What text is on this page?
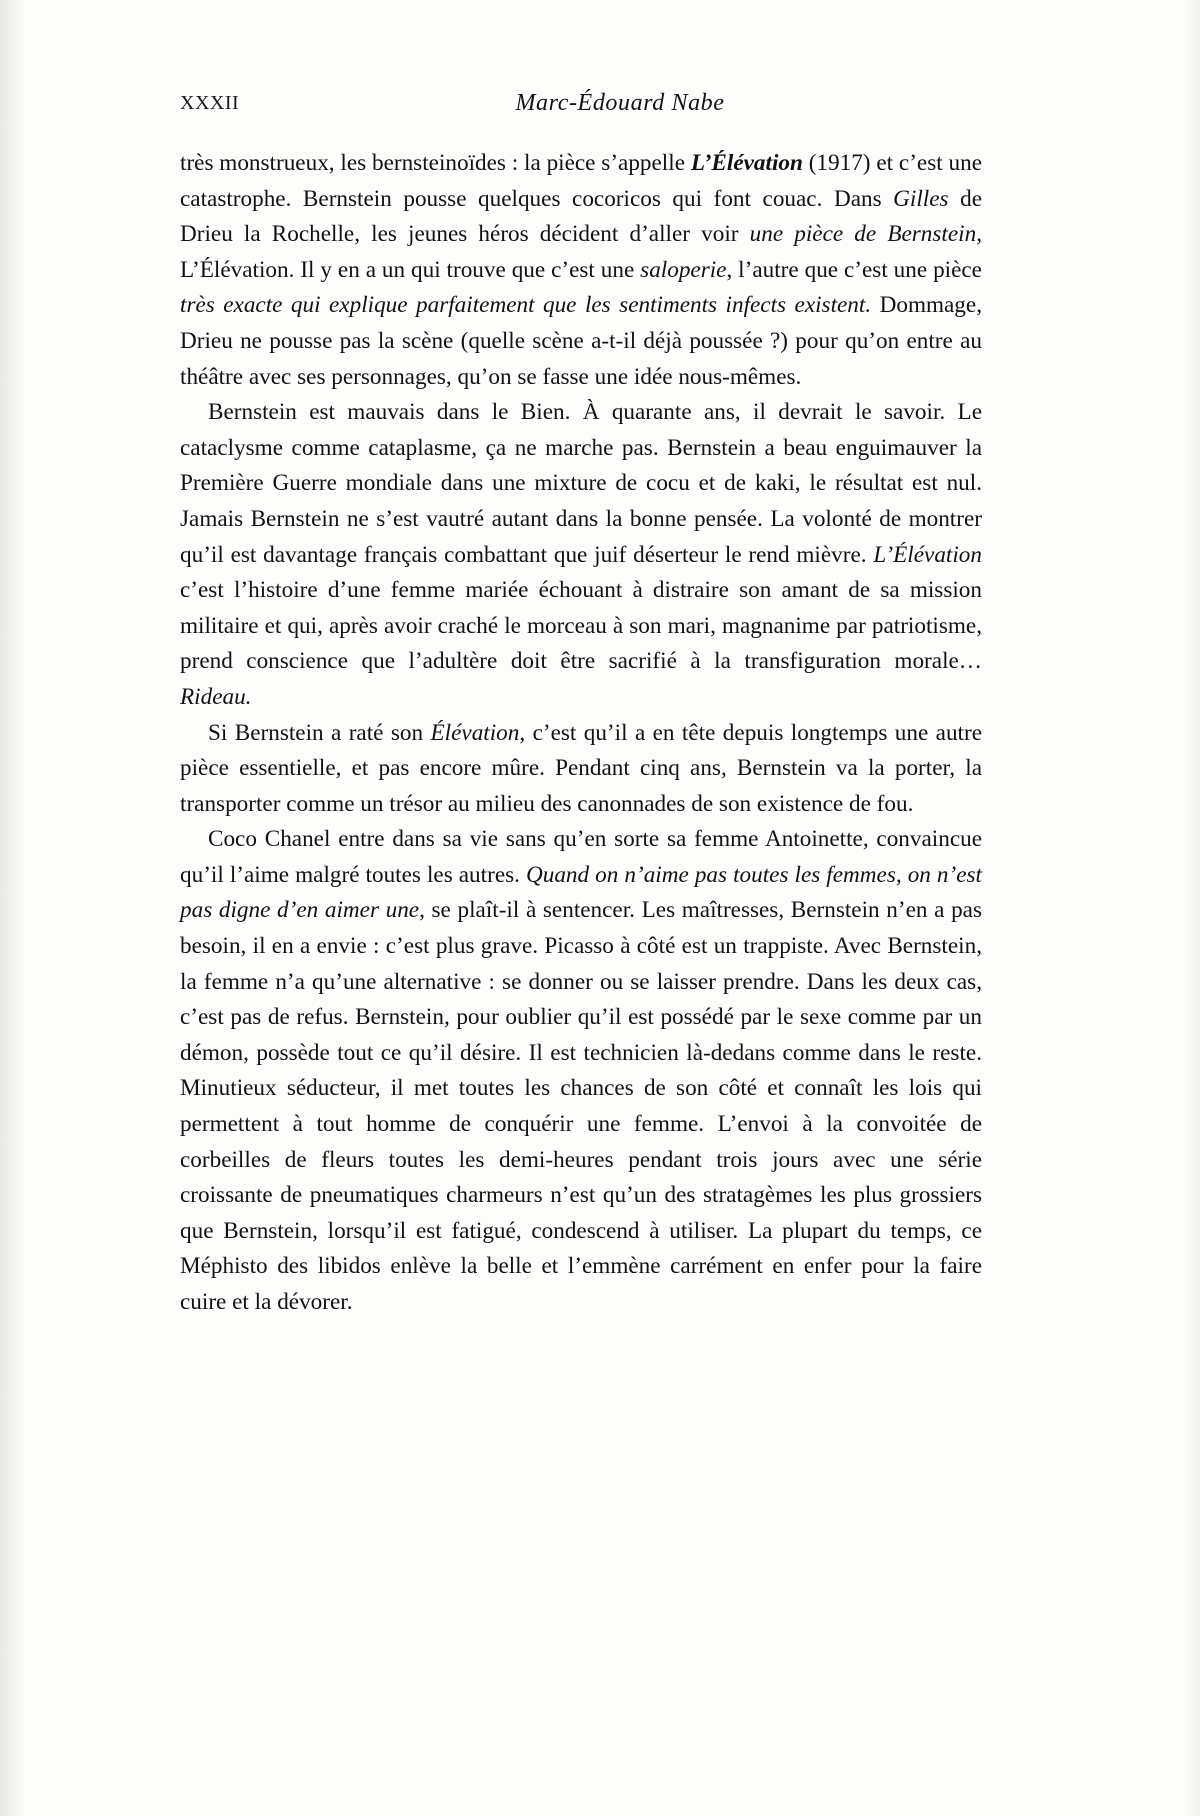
XXXII	Marc-Édouard Nabe

très monstrueux, les bernsteinoïdes : la pièce s’appelle L’Élévation (1917) et c’est une catastrophe. Bernstein pousse quelques cocoricos qui font couac. Dans Gilles de Drieu la Rochelle, les jeunes héros décident d’aller voir une pièce de Bernstein, L’Élévation. Il y en a un qui trouve que c’est une saloperie, l’autre que c’est une pièce très exacte qui explique parfaitement que les sentiments infects existent. Dommage, Drieu ne pousse pas la scène (quelle scène a-t-il déjà poussée ?) pour qu’on entre au théâtre avec ses personnages, qu’on se fasse une idée nous-mêmes.

Bernstein est mauvais dans le Bien. À quarante ans, il devrait le savoir. Le cataclysme comme cataplasme, ça ne marche pas. Bernstein a beau enguimauver la Première Guerre mondiale dans une mixture de cocu et de kaki, le résultat est nul. Jamais Bernstein ne s’est vautré autant dans la bonne pensée. La volonté de montrer qu’il est davantage français combattant que juif déserteur le rend mièvre. L’Élévation c’est l’histoire d’une femme mariée échouant à distraire son amant de sa mission militaire et qui, après avoir craché le morceau à son mari, magnanime par patriotisme, prend conscience que l’adultère doit être sacrifié à la transfiguration morale… Rideau.

Si Bernstein a raté son Élévation, c’est qu’il a en tête depuis longtemps une autre pièce essentielle, et pas encore mûre. Pendant cinq ans, Bernstein va la porter, la transporter comme un trésor au milieu des canonnades de son existence de fou.

Coco Chanel entre dans sa vie sans qu’en sorte sa femme Antoinette, convaincue qu’il l’aime malgré toutes les autres. Quand on n’aime pas toutes les femmes, on n’est pas digne d’en aimer une, se plaît-il à sentencer. Les maîtresses, Bernstein n’en a pas besoin, il en a envie : c’est plus grave. Picasso à côté est un trappiste. Avec Bernstein, la femme n’a qu’une alternative : se donner ou se laisser prendre. Dans les deux cas, c’est pas de refus. Bernstein, pour oublier qu’il est possédé par le sexe comme par un démon, possède tout ce qu’il désire. Il est technicien là-dedans comme dans le reste. Minutieux séducteur, il met toutes les chances de son côté et connaît les lois qui permettent à tout homme de conquérir une femme. L’envoi à la convoitée de corbeilles de fleurs toutes les demi-heures pendant trois jours avec une série croissante de pneumatiques charmeurs n’est qu’un des stratagèmes les plus grossiers que Bernstein, lorsqu’il est fatigué, condescend à utiliser. La plupart du temps, ce Méphisto des libidos enlève la belle et l’emmène carrément en enfer pour la faire cuire et la dévorer.
